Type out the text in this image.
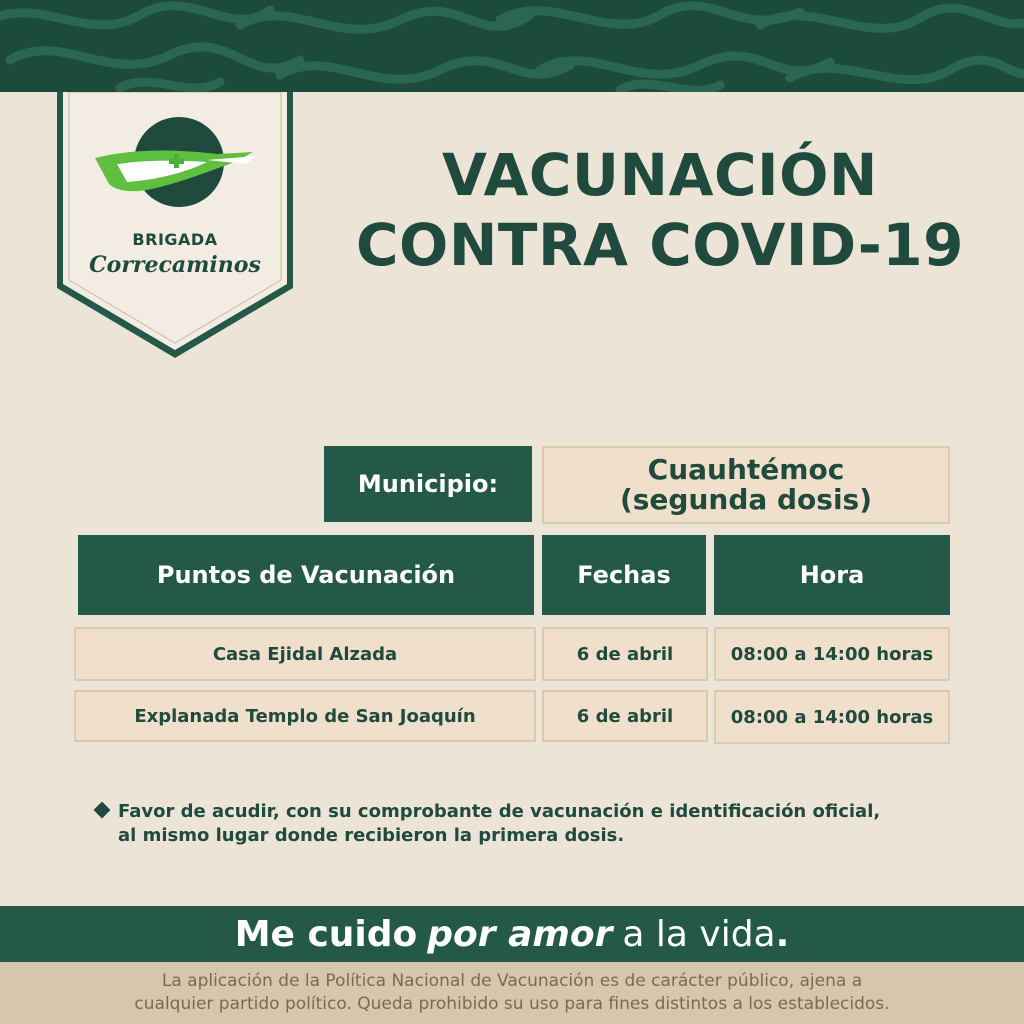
BRIGADA
Correcaminos
VACUNACIÓN
CONTRA COVID-19
Municipio:	Cuauhtémoc
(segunda dosis)
Puntos de Vacunación	Fechas	Hora
Casa Ejidal Alzada	6 de abril	08:00 a 14:00 horas
Explanada Templo de San Joaquín	6 de abril	08:00 a 14:00 horas
Favor de acudir, con su comprobante de vacunación e identificación oficial,
al mismo lugar donde recibieron la primera dosis.
Me cuido por amor a la vida .
La aplicación de la Política Nacional de Vacunación es de carácter público, ajena a
cualquier partido político. Queda prohibido su uso para fines distintos a los establecidos.
